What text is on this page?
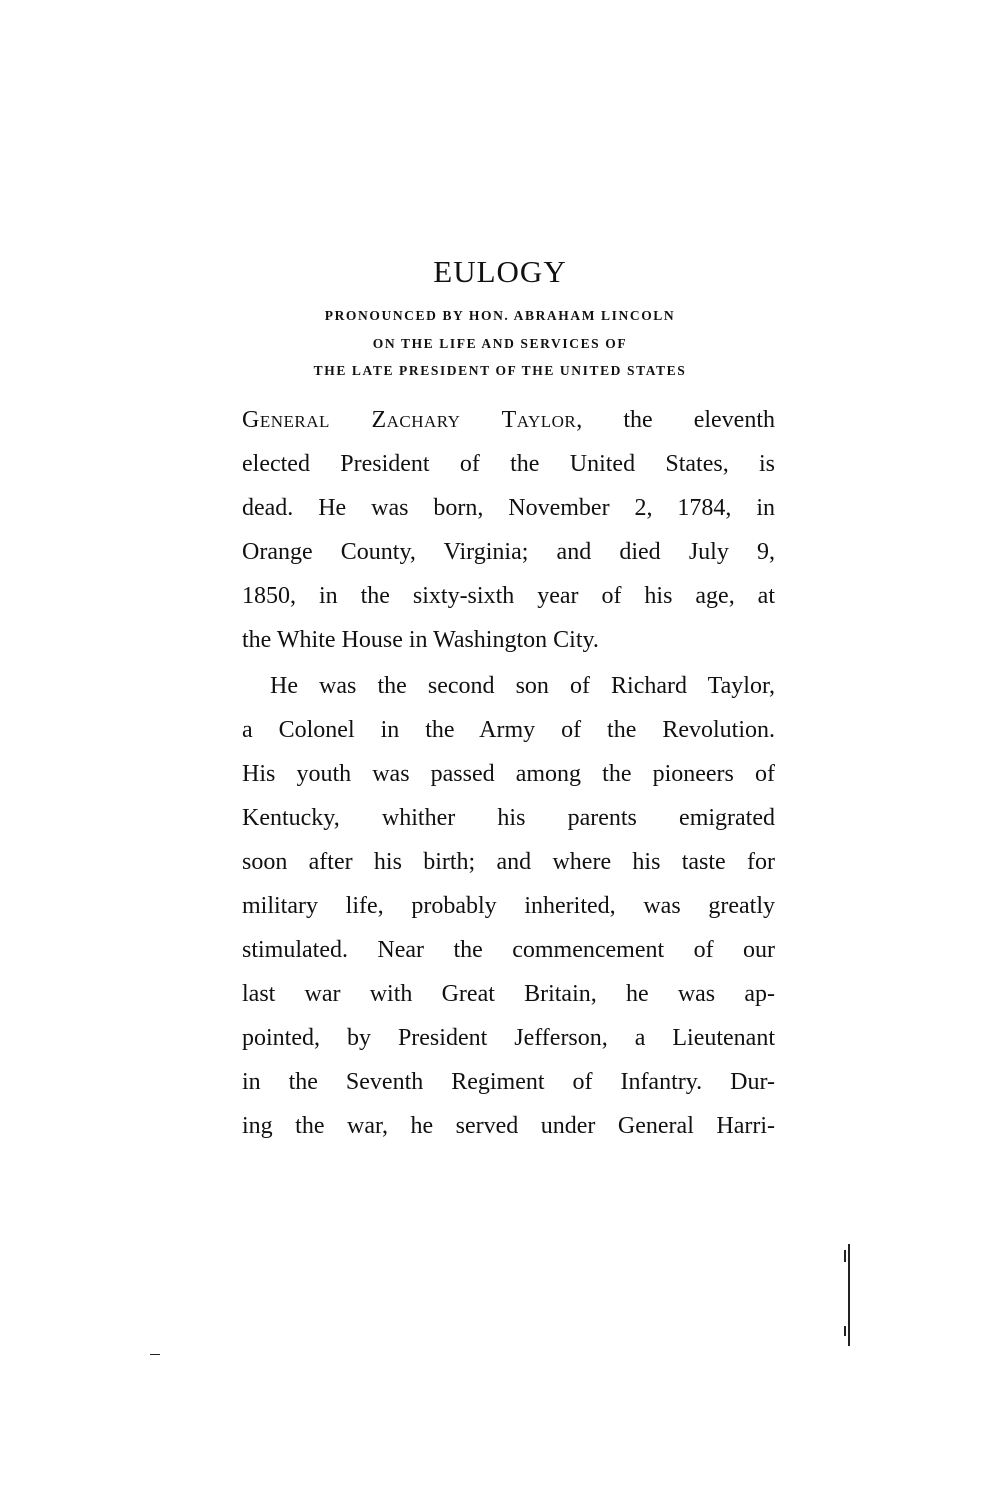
EULOGY
PRONOUNCED BY HON. ABRAHAM LINCOLN
ON THE LIFE AND SERVICES OF
THE LATE PRESIDENT OF THE UNITED STATES
General Zachary Taylor, the eleventh
elected President of the United States, is
dead. He was born, November 2, 1784, in
Orange County, Virginia; and died July 9,
1850, in the sixty-sixth year of his age, at
the White House in Washington City.
He was the second son of Richard Taylor,
a Colonel in the Army of the Revolution.
His youth was passed among the pioneers of
Kentucky, whither his parents emigrated
soon after his birth; and where his taste for
military life, probably inherited, was greatly
stimulated. Near the commencement of our
last war with Great Britain, he was ap-
pointed, by President Jefferson, a Lieutenant
in the Seventh Regiment of Infantry. Dur-
ing the war, he served under General Harri-
